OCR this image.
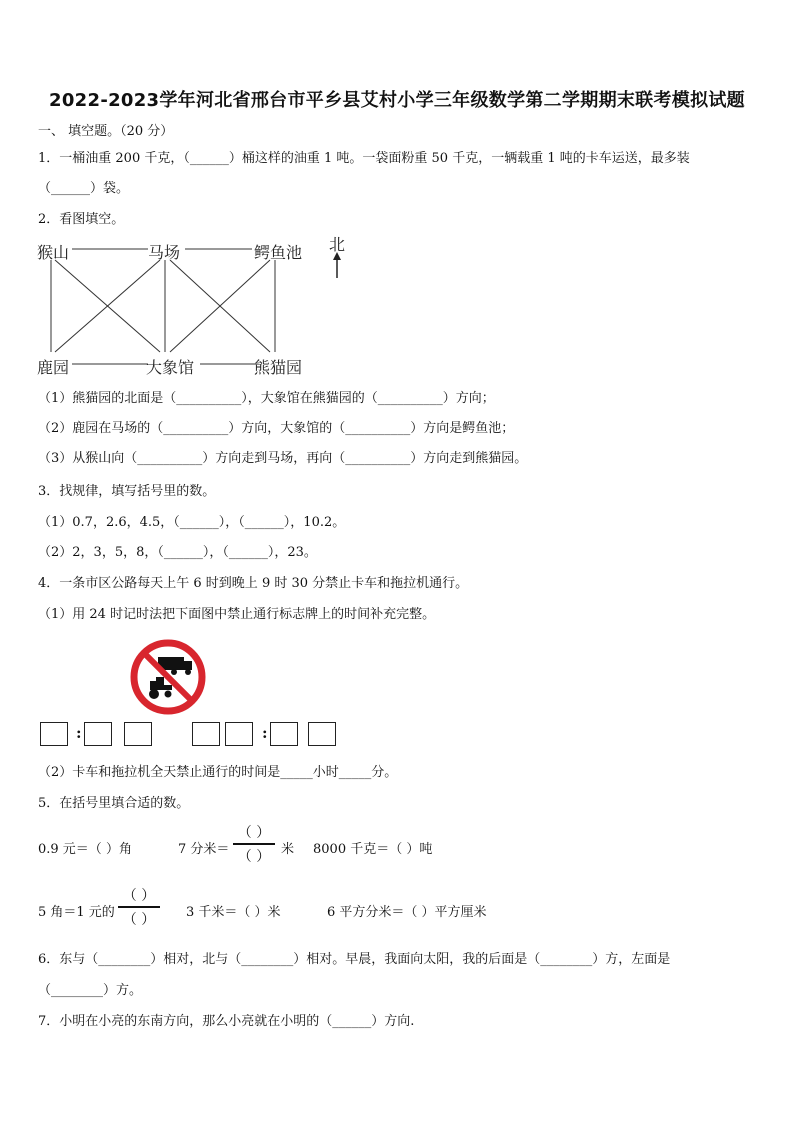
2022-2023学年河北省邢台市平乡县艾村小学三年级数学第二学期期末联考模拟试题
一、 填空题。（20 分）
1．一桶油重 200 千克，（______）桶这样的油重 1 吨。一袋面粉重 50 千克，一辆载重 1 吨的卡车运送，最多装
（______）袋。
2．看图填空。
猴山	马场	鳄鱼池
鹿园	大象馆	熊猫园
北
（1）熊猫园的北面是（__________），大象馆在熊猫园的（__________）方向；
（2）鹿园在马场的（__________）方向，大象馆的（__________）方向是鳄鱼池；
（3）从猴山向（__________）方向走到马场，再向（__________）方向走到熊猫园。
3．找规律，填写括号里的数。
（1）0.7，2.6，4.5，（______），（______），10.2。
（2）2，3，5，8，（______），（______），23。
4．一条市区公路每天上午 6 时到晚上 9 时 30 分禁止卡车和拖拉机通行。
（1）用 24 时记时法把下面图中禁止通行标志牌上的时间补充完整。
:	:
（2）卡车和拖拉机全天禁止通行的时间是_____小时_____分。
5．在括号里填合适的数。
0.9 元＝（ ）角	7 分米＝
（ ）
（ ） 米 8000 千克＝（ ）吨
5 角＝1 元的
（ ）
（ ）	3 千米＝（ ）米	6 平方分米＝（ ）平方厘米
6．东与（________）相对，北与（________）相对。早晨，我面向太阳，我的后面是（________）方，左面是
（________）方。
7．小明在小亮的东南方向，那么小亮就在小明的（______）方向.
